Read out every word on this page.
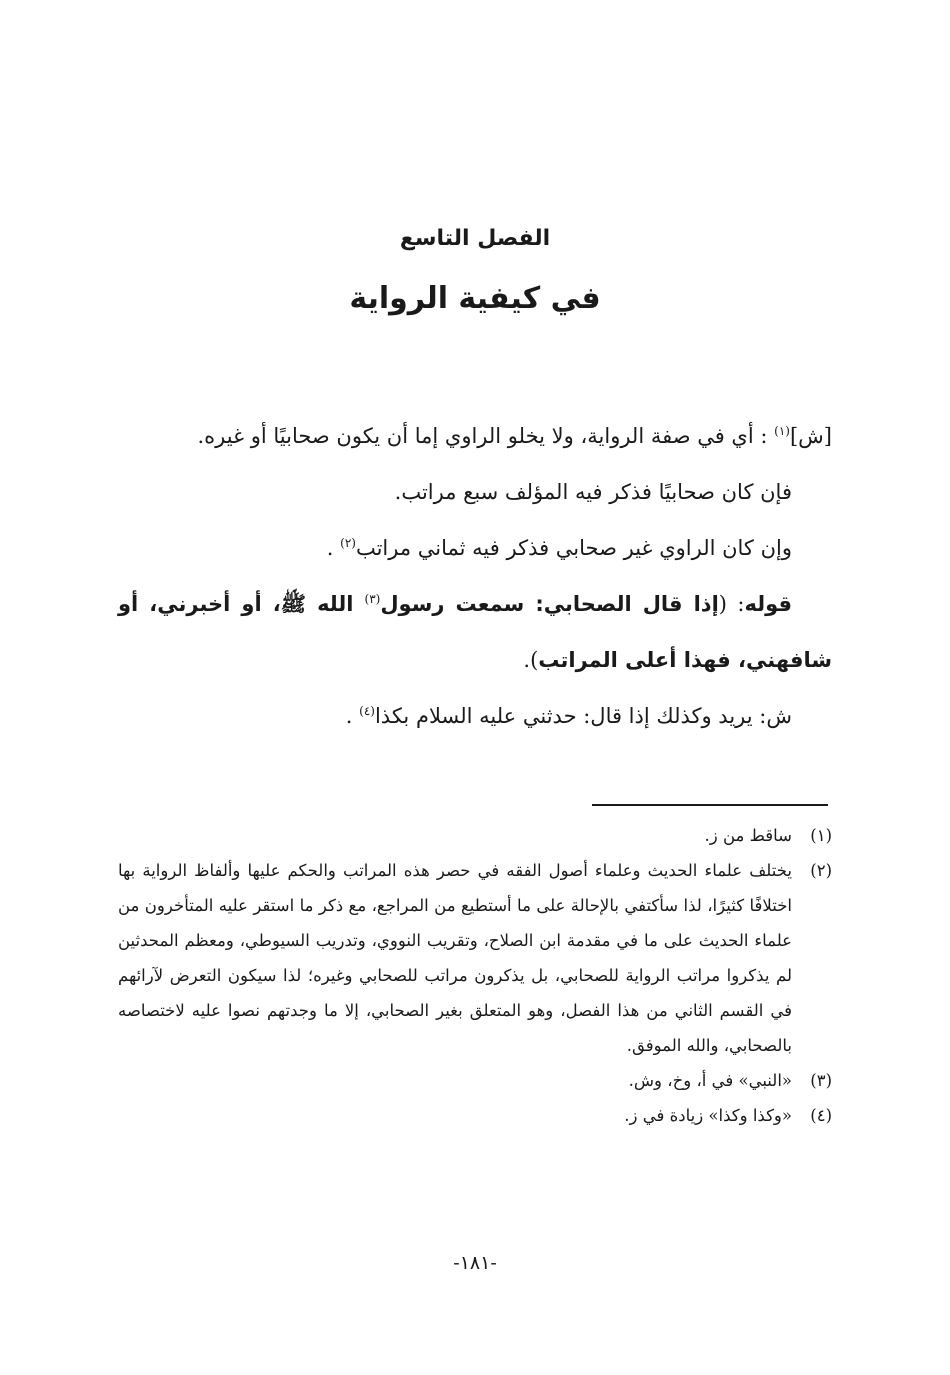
الفصل التاسع
في كيفية الرواية

[ش]$^{(١)}$ : أي في صفة الرواية، ولا يخلو الراوي إما أن يكون صحابيًا أو غيره.

فإن كان صحابيًا فذكر فيه المؤلف سبع مراتب.

وإن كان الراوي غير صحابي فذكر فيه ثماني مراتب$^{(٢)}$ .

قوله: (إذا قال الصحابي: سمعت رسول$^{(٣)}$ الله ﷺ، أو أخبرني، أو شافهني، فهذا أعلى المراتب).

ش: يريد وكذلك إذا قال: حدثني عليه السلام بكذا$^{(٤)}$ .

(١)
ساقط من ز.
(٢)
يختلف علماء الحديث وعلماء أصول الفقه في حصر هذه المراتب والحكم عليها وألفاظ الرواية بها اختلافًا كثيرًا، لذا سأكتفي بالإحالة على ما أستطيع من المراجع، مع ذكر ما استقر عليه المتأخرون من علماء الحديث على ما في مقدمة ابن الصلاح، وتقريب النووي، وتدريب السيوطي، ومعظم المحدثين لم يذكروا مراتب الرواية للصحابي، بل يذكرون مراتب للصحابي وغيره؛ لذا سيكون التعرض لآرائهم في القسم الثاني من هذا الفصل، وهو المتعلق بغير الصحابي، إلا ما وجدتهم نصوا عليه لاختصاصه بالصحابي، والله الموفق.
(٣)
«النبي» في أ، وخ، وش.
(٤)
«وكذا وكذا» زيادة في ز.
-١٨١-
